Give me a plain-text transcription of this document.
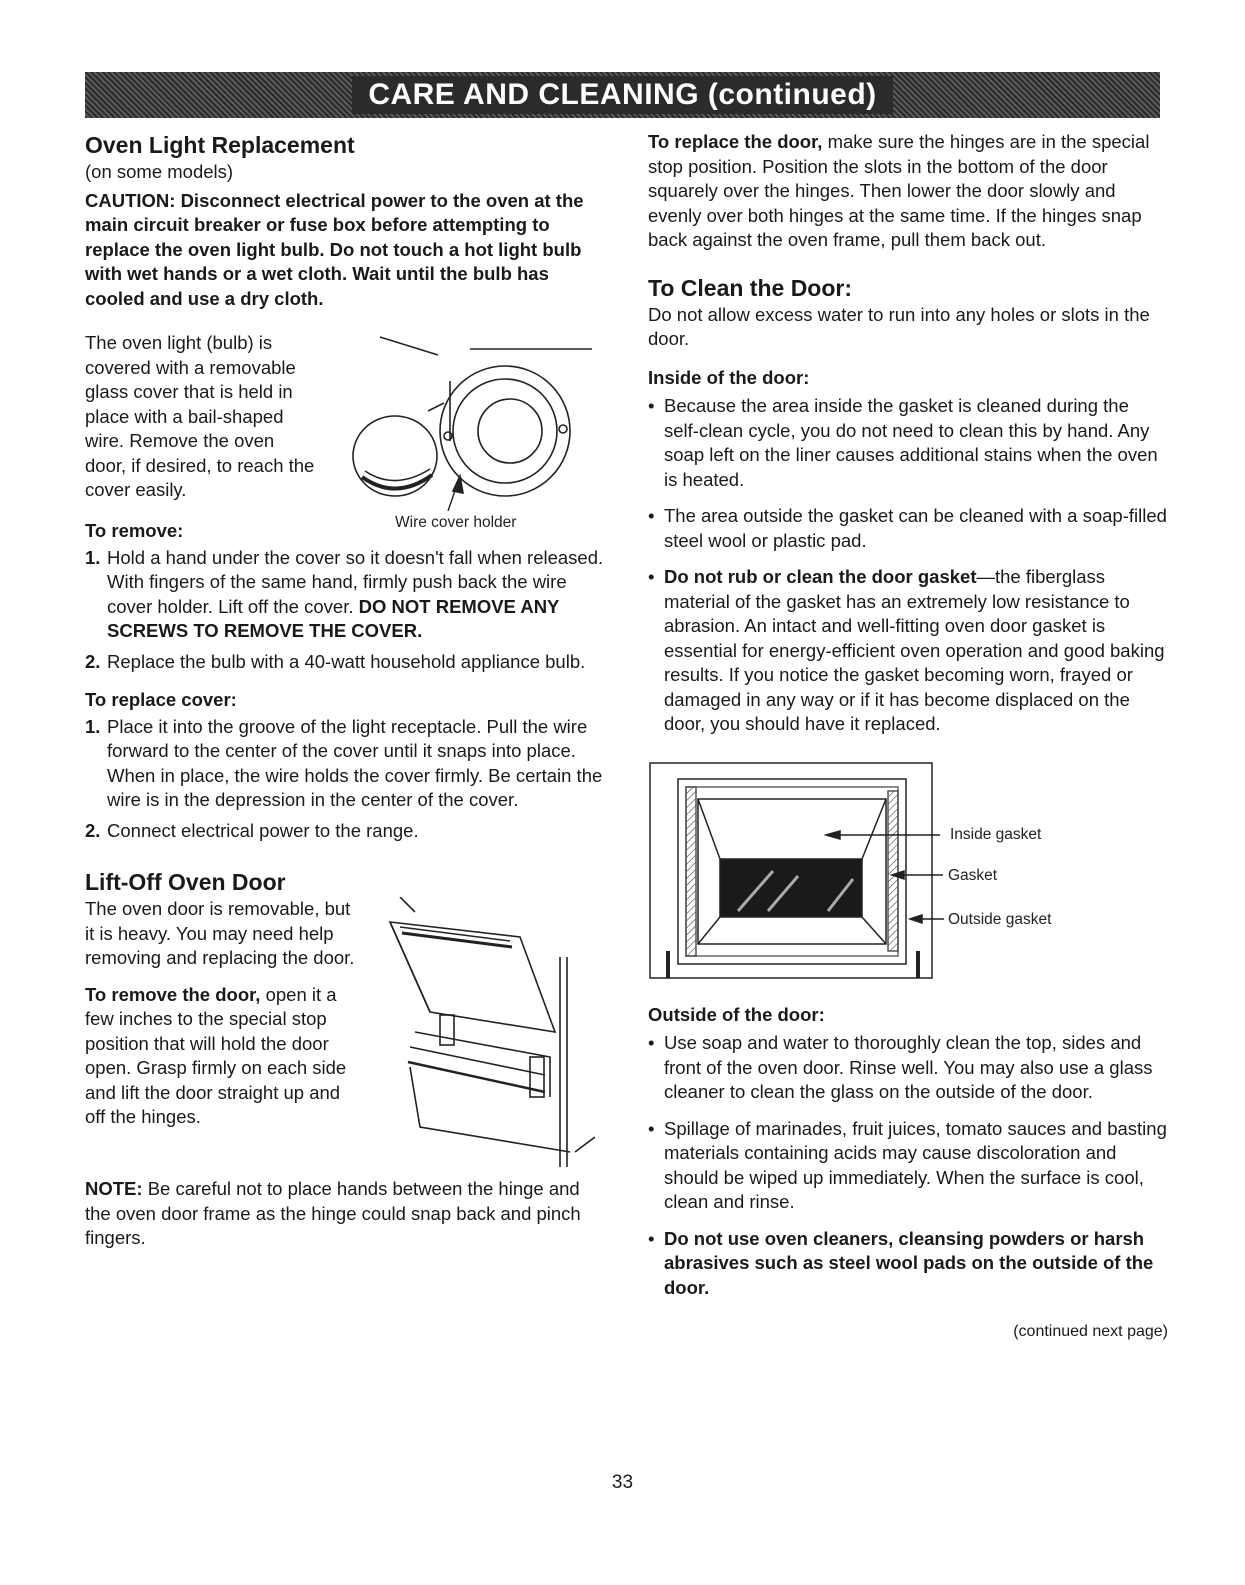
CARE AND CLEANING (continued)
Oven Light Replacement

(on some models)

CAUTION: Disconnect electrical power to the oven at the main circuit breaker or fuse box before attempting to replace the oven light bulb. Do not touch a hot light bulb with wet hands or a wet cloth. Wait until the bulb has cooled and use a dry cloth.

The oven light (bulb) is covered with a removable glass cover that is held in place with a bail-shaped wire. Remove the oven door, if desired, to reach the cover easily.

Wire cover holder

To remove:

1. Hold a hand under the cover so it doesn't fall when released. With fingers of the same hand, firmly push back the wire cover holder. Lift off the cover. DO NOT REMOVE ANY SCREWS TO REMOVE THE COVER.
2. Replace the bulb with a 40-watt household appliance bulb.

To replace cover:

1. Place it into the groove of the light receptacle. Pull the wire forward to the center of the cover until it snaps into place. When in place, the wire holds the cover firmly. Be certain the wire is in the depression in the center of the cover.
2. Connect electrical power to the range.
Lift-Off Oven Door

The oven door is removable, but it is heavy. You may need help removing and replacing the door.

To remove the door, open it a few inches to the special stop position that will hold the door open. Grasp firmly on each side and lift the door straight up and off the hinges.

NOTE: Be careful not to place hands between the hinge and the oven door frame as the hinge could snap back and pinch fingers.

To replace the door, make sure the hinges are in the special stop position. Position the slots in the bottom of the door squarely over the hinges. Then lower the door slowly and evenly over both hinges at the same time. If the hinges snap back against the oven frame, pull them back out.

To Clean the Door:

Do not allow excess water to run into any holes or slots in the door.

Inside of the door:

• Because the area inside the gasket is cleaned during the self-clean cycle, you do not need to clean this by hand. Any soap left on the liner causes additional stains when the oven is heated.
• The area outside the gasket can be cleaned with a soap-filled steel wool or plastic pad.
• Do not rub or clean the door gasket—the fiberglass material of the gasket has an extremely low resistance to abrasion. An intact and well-fitting oven door gasket is essential for energy-efficient oven operation and good baking results. If you notice the gasket becoming worn, frayed or damaged in any way or if it has become displaced on the door, you should have it replaced.
Inside gasket
Gasket
Outside gasket

Outside of the door:

• Use soap and water to thoroughly clean the top, sides and front of the oven door. Rinse well. You may also use a glass cleaner to clean the glass on the outside of the door.
• Spillage of marinades, fruit juices, tomato sauces and basting materials containing acids may cause discoloration and should be wiped up immediately. When the surface is cool, clean and rinse.
• Do not use oven cleaners, cleansing powders or harsh abrasives such as steel wool pads on the outside of the door.

(continued next page)

33
